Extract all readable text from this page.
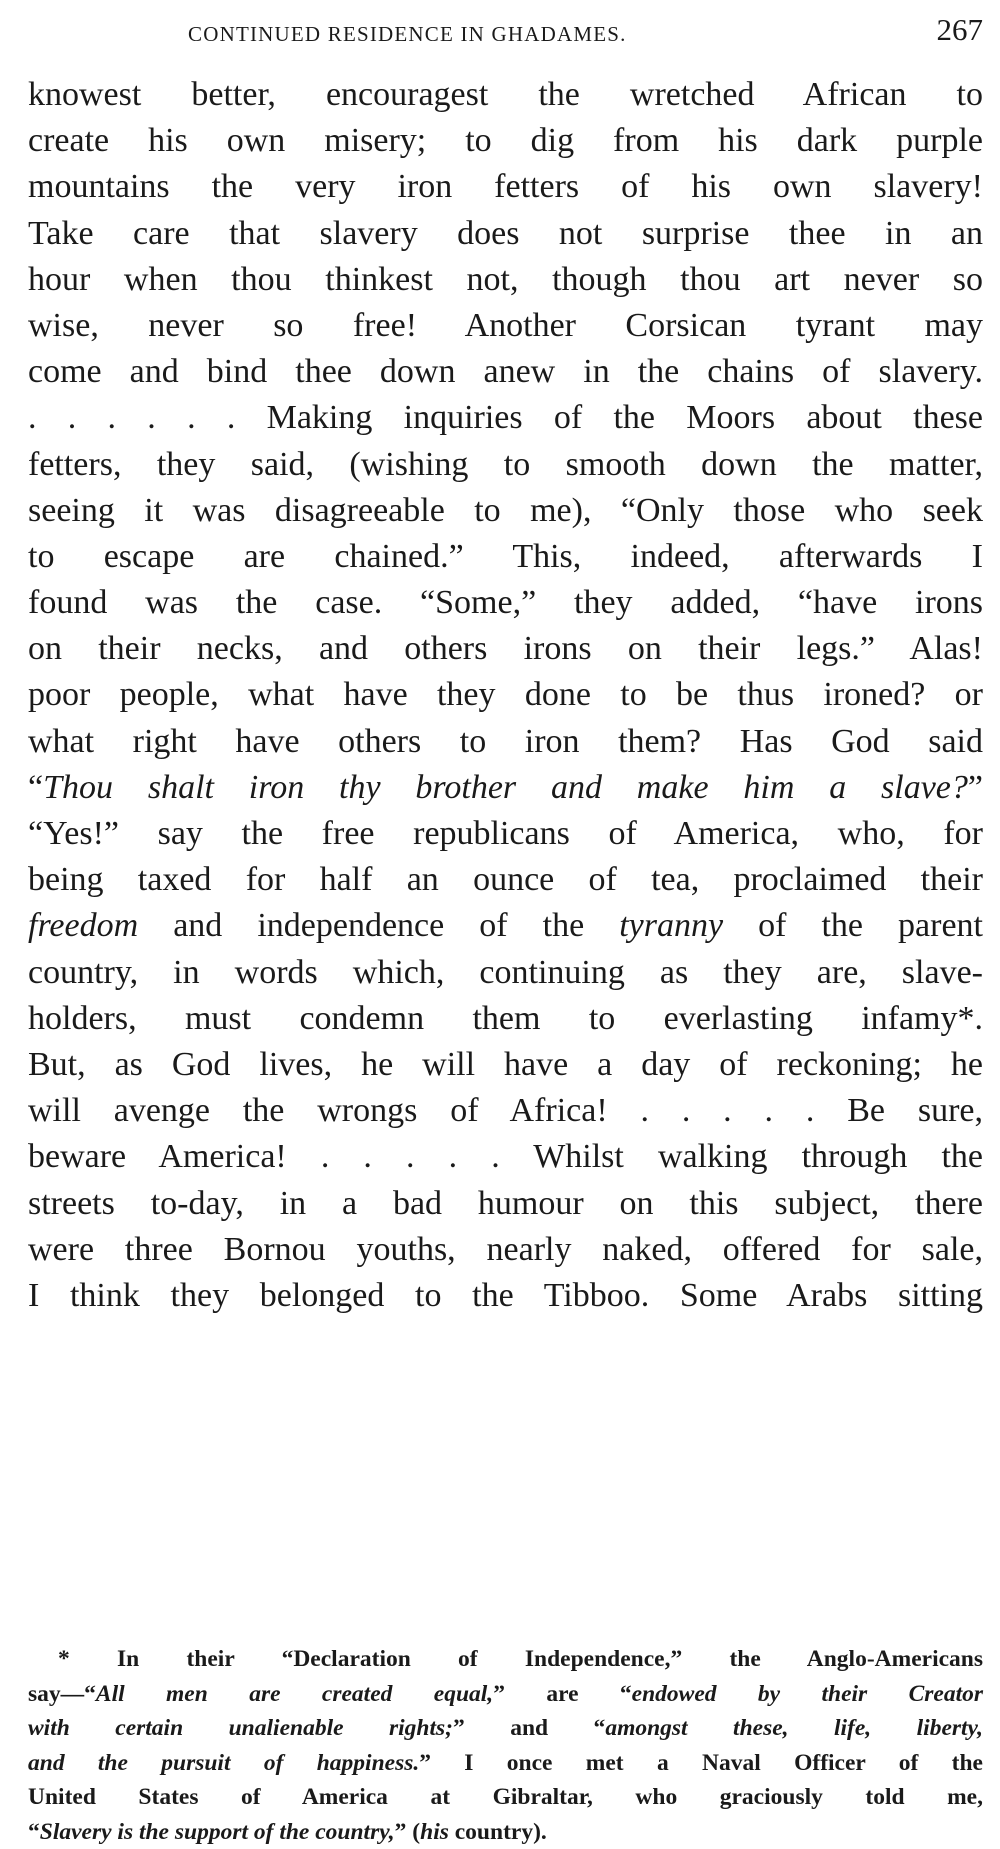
CONTINUED RESIDENCE IN GHADAMES.	267
knowest better, encouragest the wretched African to
create his own misery; to dig from his dark purple
mountains the very iron fetters of his own slavery!
Take care that slavery does not surprise thee in an
hour when thou thinkest not, though thou art never so
wise, never so free! Another Corsican tyrant may
come and bind thee down anew in the chains of slavery.
. . . . . . Making inquiries of the Moors about these
fetters, they said, (wishing to smooth down the matter,
seeing it was disagreeable to me), “Only those who seek
to escape are chained.” This, indeed, afterwards I
found was the case. “Some,” they added, “have irons
on their necks, and others irons on their legs.” Alas!
poor people, what have they done to be thus ironed? or
what right have others to iron them? Has God said
“Thou shalt iron thy brother and make him a slave?”
“Yes!” say the free republicans of America, who, for
being taxed for half an ounce of tea, proclaimed their
freedom and independence of the tyranny of the parent
country, in words which, continuing as they are, slave-
holders, must condemn them to everlasting infamy*.
But, as God lives, he will have a day of reckoning; he
will avenge the wrongs of Africa! . . . . . Be sure,
beware America! . . . . . Whilst walking through the
streets to-day, in a bad humour on this subject, there
were three Bornou youths, nearly naked, offered for sale,
I think they belonged to the Tibboo. Some Arabs sitting
* In their “Declaration of Independence,” the Anglo-Americans
say—“All men are created equal,” are “endowed by their Creator
with certain unalienable rights;” and “amongst these, life, liberty,
and the pursuit of happiness.” I once met a Naval Officer of the
United States of America at Gibraltar, who graciously told me,
“Slavery is the support of the country,” (his country).
